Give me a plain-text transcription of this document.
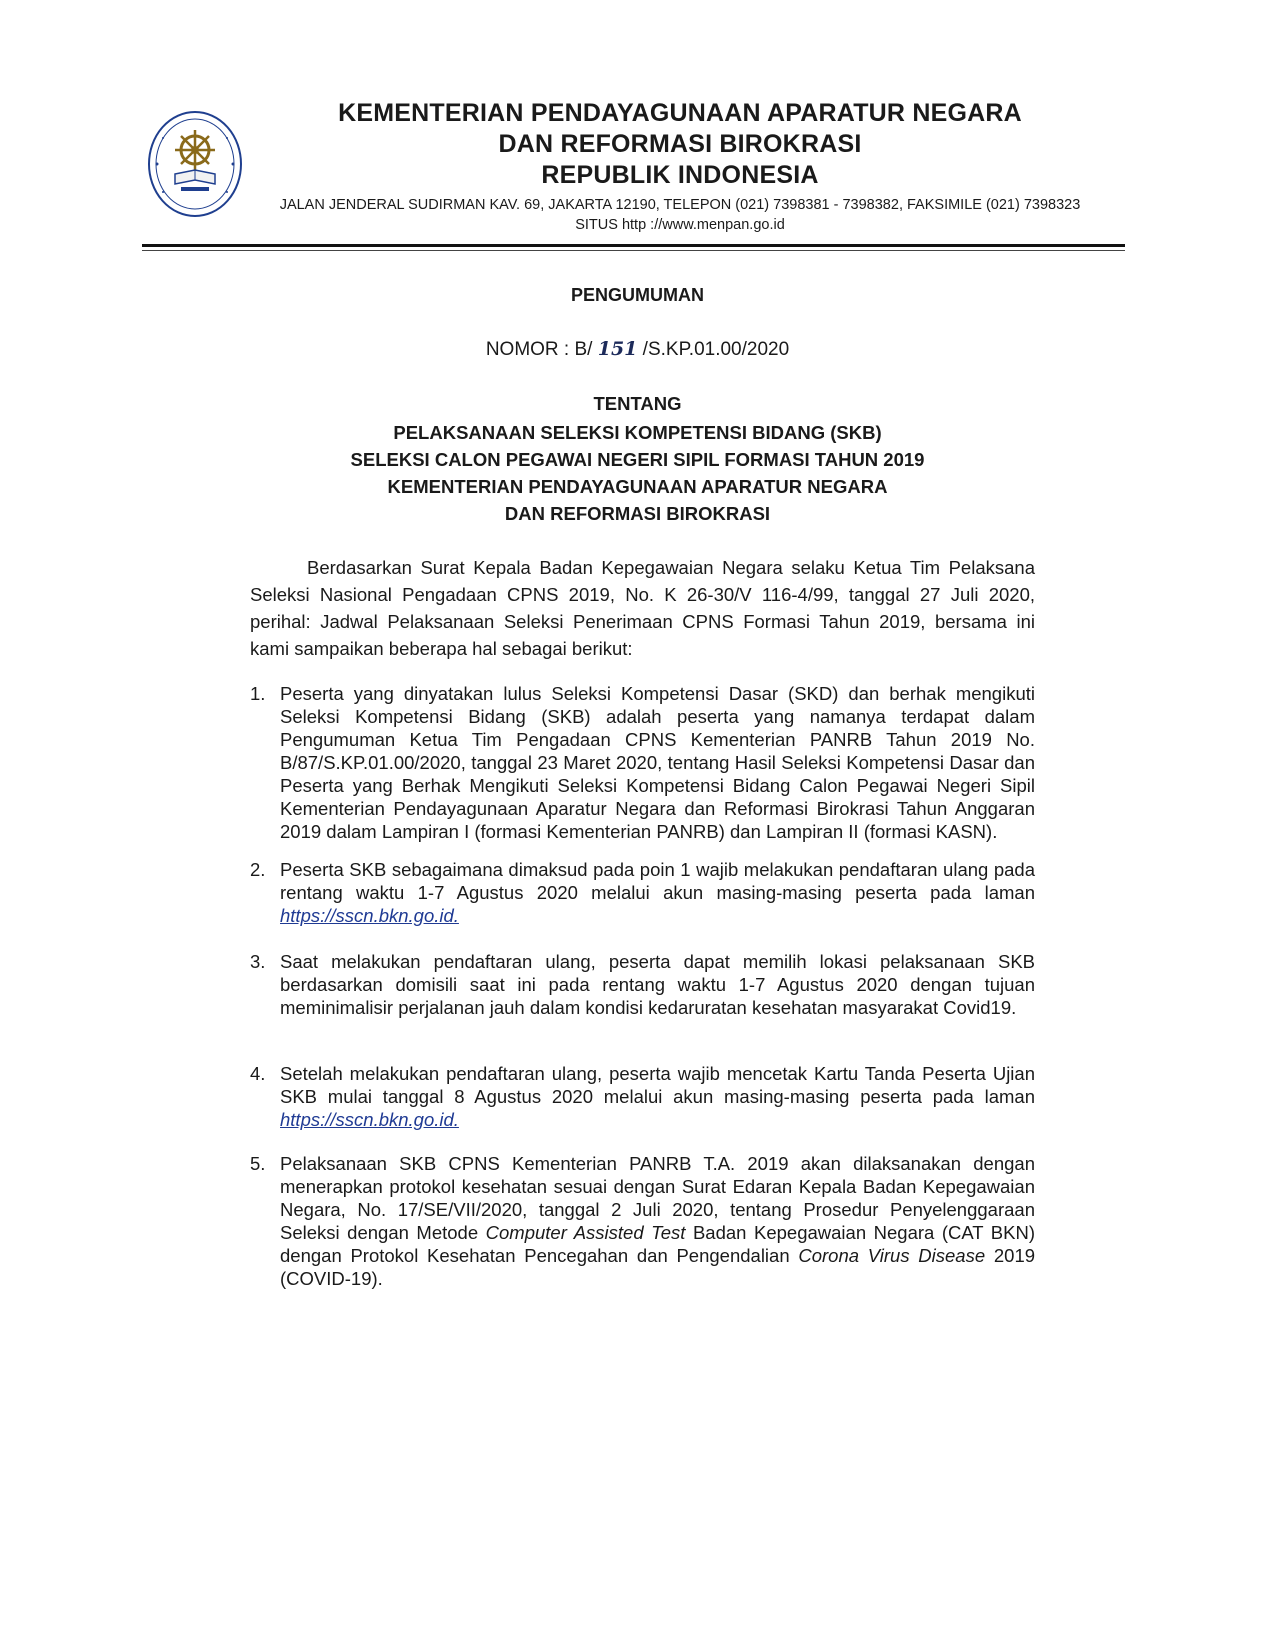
KEMENTERIAN PENDAYAGUNAAN APARATUR NEGARA
DAN REFORMASI BIROKRASI
REPUBLIK INDONESIA
JALAN JENDERAL SUDIRMAN KAV. 69, JAKARTA 12190, TELEPON (021) 7398381 - 7398382, FAKSIMILE (021) 7398323
SITUS http ://www.menpan.go.id
PENGUMUMAN
NOMOR : B/ 151 /S.KP.01.00/2020
TENTANG
PELAKSANAAN SELEKSI KOMPETENSI BIDANG (SKB)
SELEKSI CALON PEGAWAI NEGERI SIPIL FORMASI TAHUN 2019
KEMENTERIAN PENDAYAGUNAAN APARATUR NEGARA
DAN REFORMASI BIROKRASI
Berdasarkan Surat Kepala Badan Kepegawaian Negara selaku Ketua Tim Pelaksana Seleksi Nasional Pengadaan CPNS 2019, No. K 26-30/V 116-4/99, tanggal 27 Juli 2020, perihal: Jadwal Pelaksanaan Seleksi Penerimaan CPNS Formasi Tahun 2019, bersama ini kami sampaikan beberapa hal sebagai berikut:
1. Peserta yang dinyatakan lulus Seleksi Kompetensi Dasar (SKD) dan berhak mengikuti Seleksi Kompetensi Bidang (SKB) adalah peserta yang namanya terdapat dalam Pengumuman Ketua Tim Pengadaan CPNS Kementerian PANRB Tahun 2019 No. B/87/S.KP.01.00/2020, tanggal 23 Maret 2020, tentang Hasil Seleksi Kompetensi Dasar dan Peserta yang Berhak Mengikuti Seleksi Kompetensi Bidang Calon Pegawai Negeri Sipil Kementerian Pendayagunaan Aparatur Negara dan Reformasi Birokrasi Tahun Anggaran 2019 dalam Lampiran I (formasi Kementerian PANRB) dan Lampiran II (formasi KASN).
2. Peserta SKB sebagaimana dimaksud pada poin 1 wajib melakukan pendaftaran ulang pada rentang waktu 1-7 Agustus 2020 melalui akun masing-masing peserta pada laman https://sscn.bkn.go.id.
3. Saat melakukan pendaftaran ulang, peserta dapat memilih lokasi pelaksanaan SKB berdasarkan domisili saat ini pada rentang waktu 1-7 Agustus 2020 dengan tujuan meminimalisir perjalanan jauh dalam kondisi kedaruratan kesehatan masyarakat Covid19.
4. Setelah melakukan pendaftaran ulang, peserta wajib mencetak Kartu Tanda Peserta Ujian SKB mulai tanggal 8 Agustus 2020 melalui akun masing-masing peserta pada laman https://sscn.bkn.go.id.
5. Pelaksanaan SKB CPNS Kementerian PANRB T.A. 2019 akan dilaksanakan dengan menerapkan protokol kesehatan sesuai dengan Surat Edaran Kepala Badan Kepegawaian Negara, No. 17/SE/VII/2020, tanggal 2 Juli 2020, tentang Prosedur Penyelenggaraan Seleksi dengan Metode Computer Assisted Test Badan Kepegawaian Negara (CAT BKN) dengan Protokol Kesehatan Pencegahan dan Pengendalian Corona Virus Disease 2019 (COVID-19).
